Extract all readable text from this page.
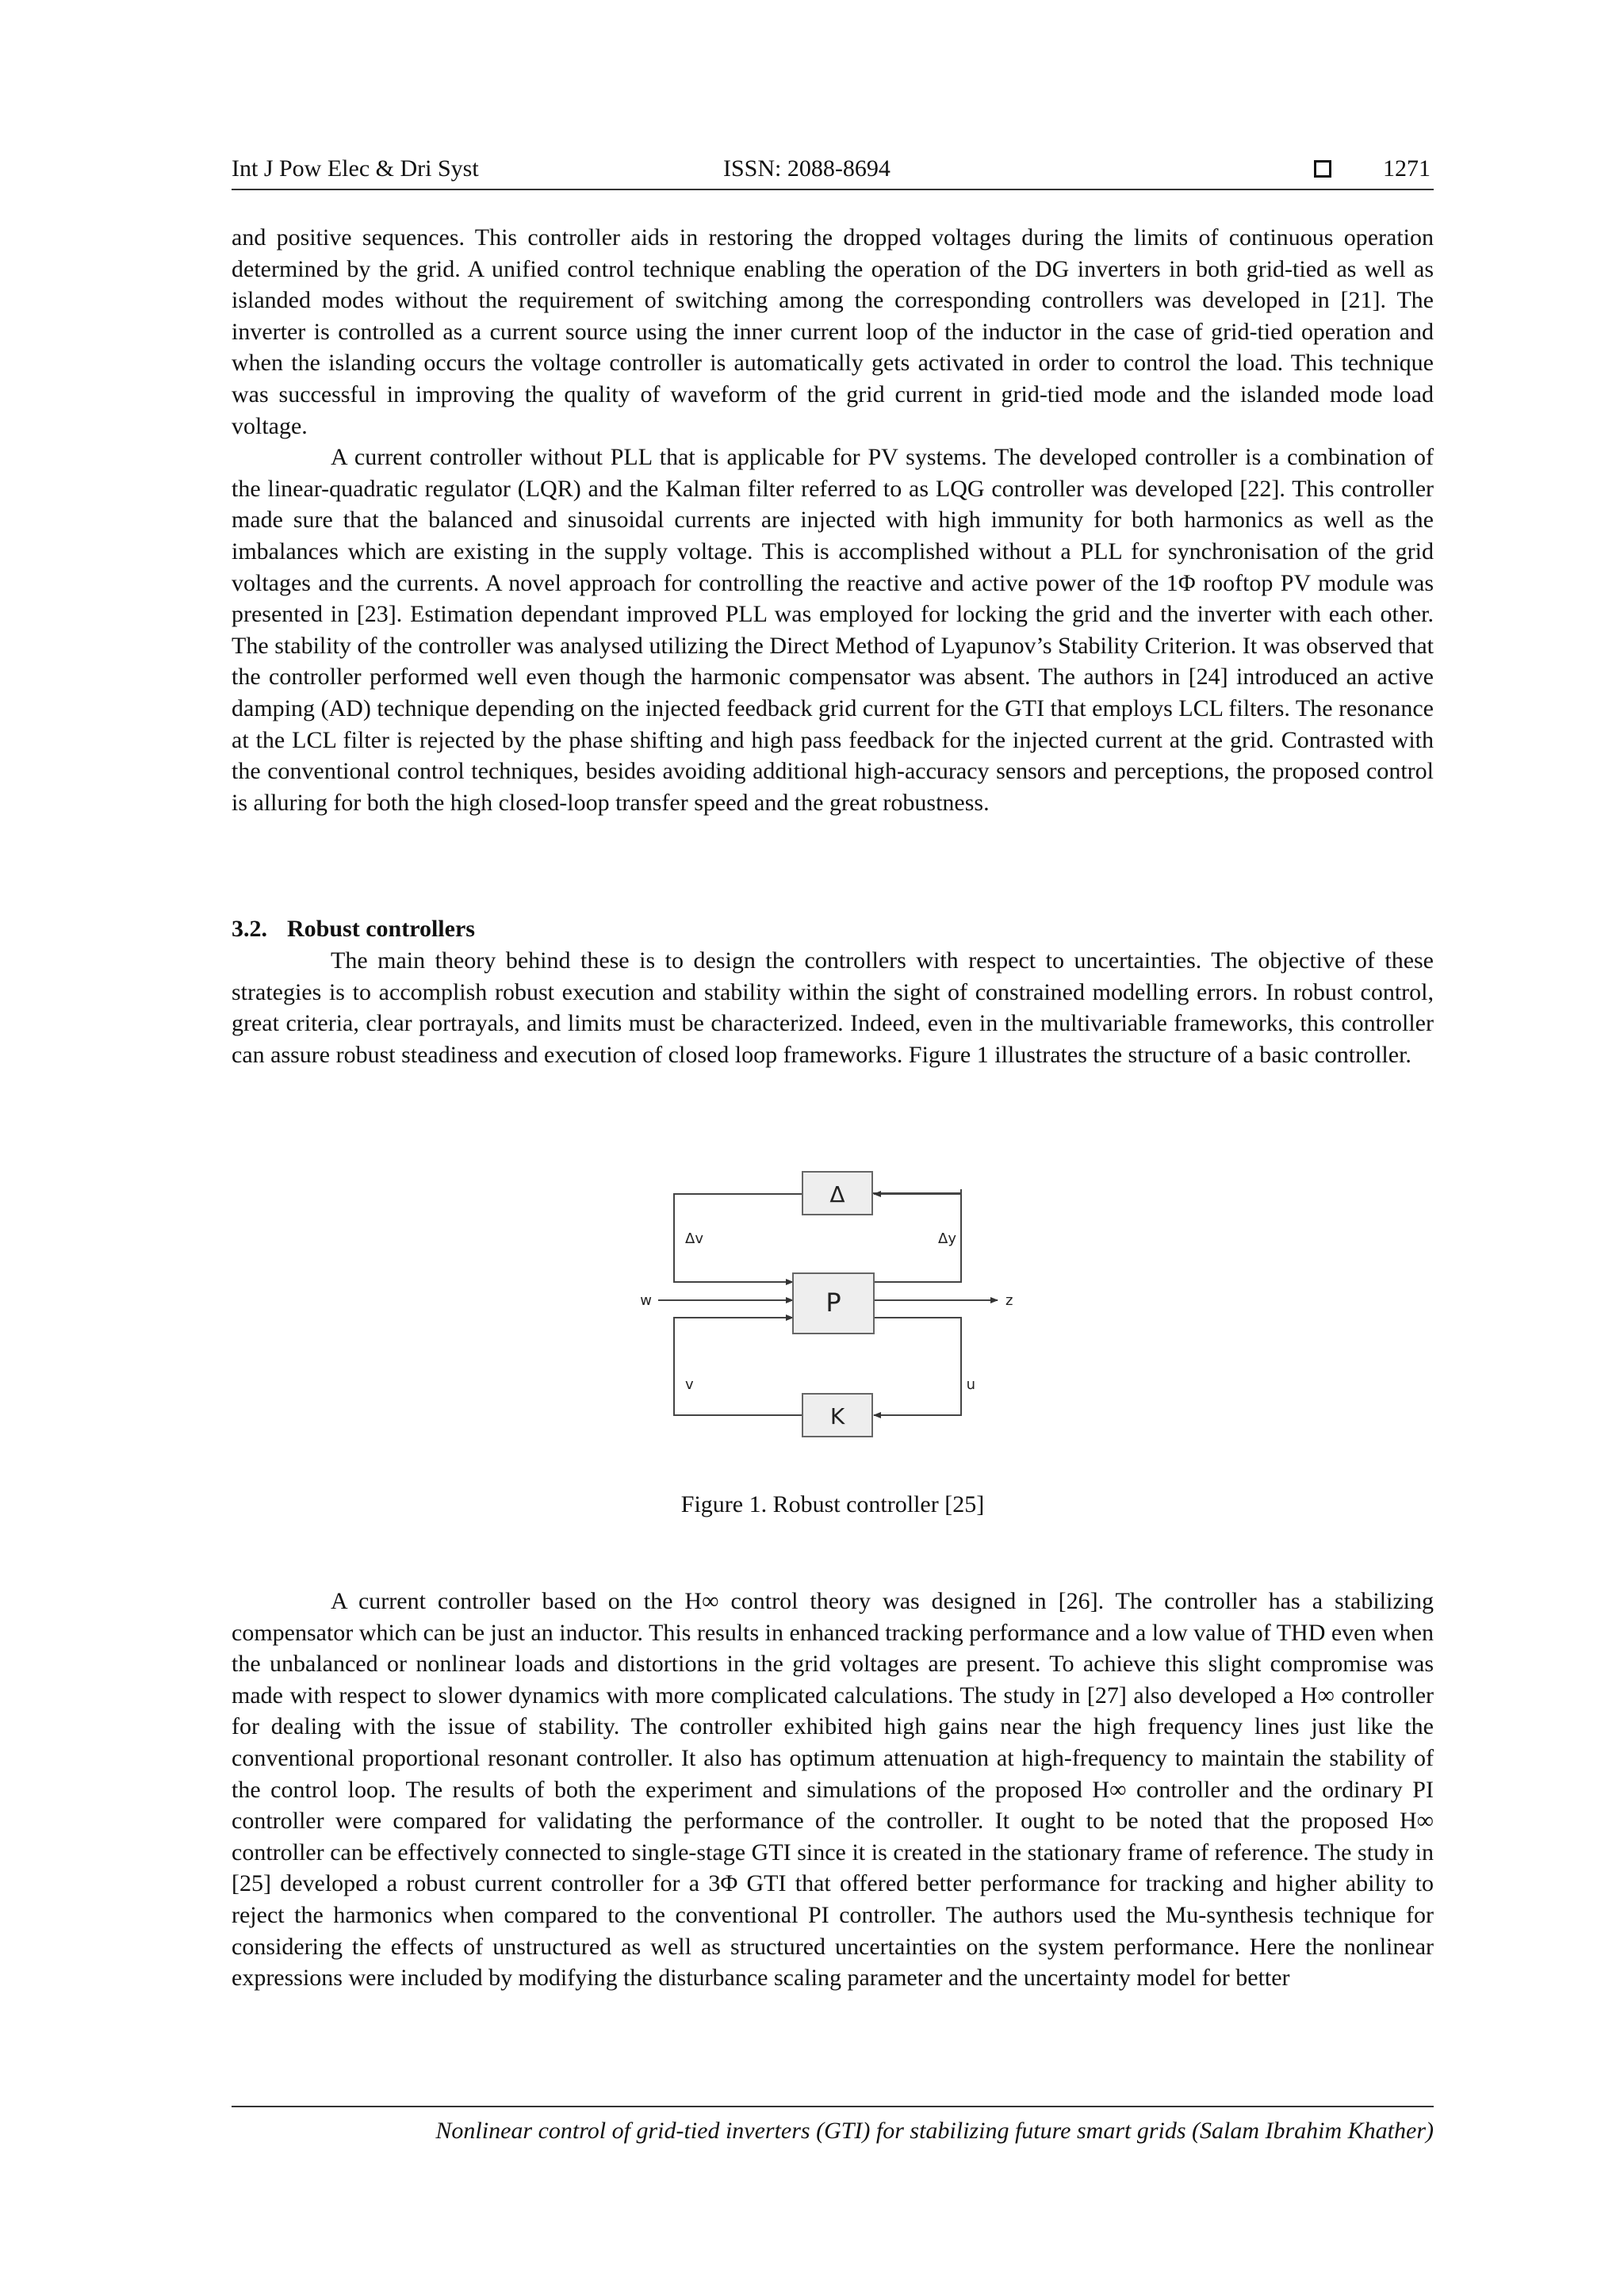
Int J Pow Elec & Dri Syst	ISSN: 2088-8694	1271

and positive sequences. This controller aids in restoring the dropped voltages during the limits of continuous operation determined by the grid. A unified control technique enabling the operation of the DG inverters in both grid-tied as well as islanded modes without the requirement of switching among the corresponding controllers was developed in [21]. The inverter is controlled as a current source using the inner current loop of the inductor in the case of grid-tied operation and when the islanding occurs the voltage controller is automatically gets activated in order to control the load. This technique was successful in improving the quality of waveform of the grid current in grid-tied mode and the islanded mode load voltage.

A current controller without PLL that is applicable for PV systems. The developed controller is a combination of the linear-quadratic regulator (LQR) and the Kalman filter referred to as LQG controller was developed [22]. This controller made sure that the balanced and sinusoidal currents are injected with high immunity for both harmonics as well as the imbalances which are existing in the supply voltage. This is accomplished without a PLL for synchronisation of the grid voltages and the currents. A novel approach for controlling the reactive and active power of the 1Φ rooftop PV module was presented in [23]. Estimation dependant improved PLL was employed for locking the grid and the inverter with each other. The stability of the controller was analysed utilizing the Direct Method of Lyapunov’s Stability Criterion. It was observed that the controller performed well even though the harmonic compensator was absent. The authors in [24] introduced an active damping (AD) technique depending on the injected feedback grid current for the GTI that employs LCL filters. The resonance at the LCL filter is rejected by the phase shifting and high pass feedback for the injected current at the grid. Contrasted with the conventional control techniques, besides avoiding additional high-accuracy sensors and perceptions, the proposed control is alluring for both the high closed-loop transfer speed and the great robustness.

3.2. Robust controllers

The main theory behind these is to design the controllers with respect to uncertainties. The objective of these strategies is to accomplish robust execution and stability within the sight of constrained modelling errors. In robust control, great criteria, clear portrayals, and limits must be characterized. Indeed, even in the multivariable frameworks, this controller can assure robust steadiness and execution of closed loop frameworks. Figure 1 illustrates the structure of a basic controller.

Δ
P
K
Δv	Δy
w	z
v	u
Figure 1. Robust controller [25]

A current controller based on the H∞ control theory was designed in [26]. The controller has a stabilizing compensator which can be just an inductor. This results in enhanced tracking performance and a low value of THD even when the unbalanced or nonlinear loads and distortions in the grid voltages are present. To achieve this slight compromise was made with respect to slower dynamics with more complicated calculations. The study in [27] also developed a H∞ controller for dealing with the issue of stability. The controller exhibited high gains near the high frequency lines just like the conventional proportional resonant controller. It also has optimum attenuation at high-frequency to maintain the stability of the control loop. The results of both the experiment and simulations of the proposed H∞ controller and the ordinary PI controller were compared for validating the performance of the controller. It ought to be noted that the proposed H∞ controller can be effectively connected to single-stage GTI since it is created in the stationary frame of reference. The study in [25] developed a robust current controller for a 3Φ GTI that offered better performance for tracking and higher ability to reject the harmonics when compared to the conventional PI controller. The authors used the Mu-synthesis technique for considering the effects of unstructured as well as structured uncertainties on the system performance. Here the nonlinear expressions were included by modifying the disturbance scaling parameter and the uncertainty model for better

Nonlinear control of grid-tied inverters (GTI) for stabilizing future smart grids (Salam Ibrahim Khather)
